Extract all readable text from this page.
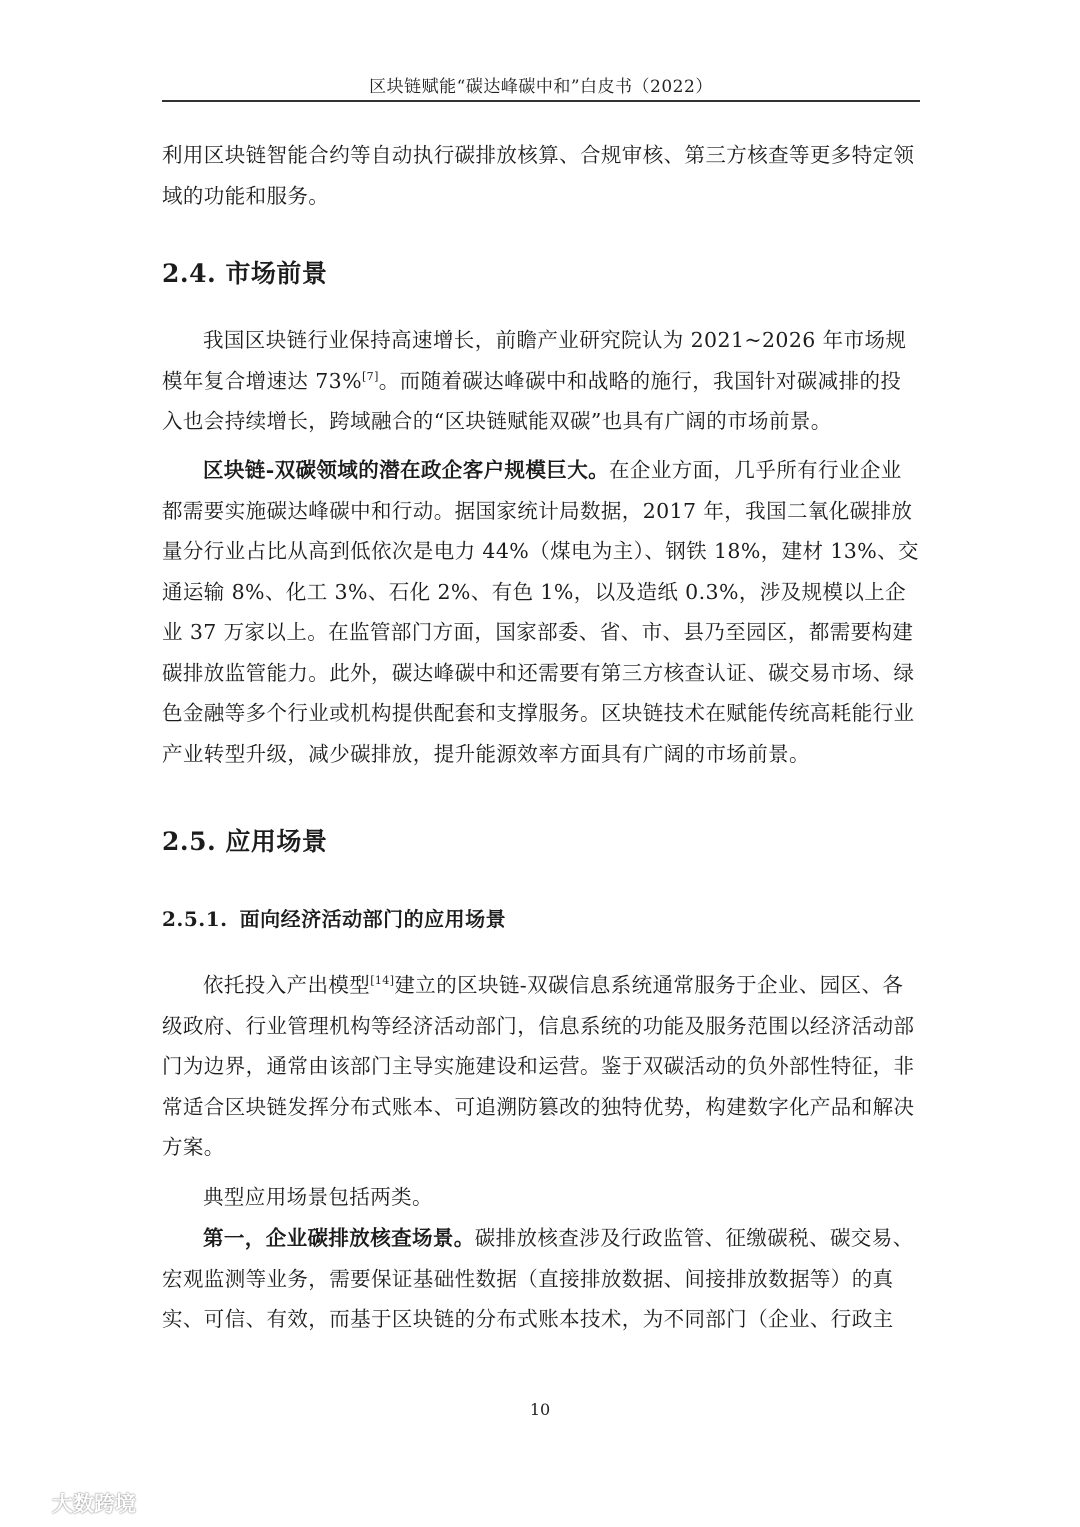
区块链赋能“碳达峰碳中和”白皮书（2022）

利用区块链智能合约等自动执行碳排放核算、合规审核、第三方核查等更多特定领域的功能和服务。

2.4. 市场前景

我国区块链行业保持高速增长，前瞻产业研究院认为 2021~2026 年市场规模年复合增速达 73%[7]。而随着碳达峰碳中和战略的施行，我国针对碳减排的投入也会持续增长，跨域融合的“区块链赋能双碳”也具有广阔的市场前景。

区块链-双碳领域的潜在政企客户规模巨大。在企业方面，几乎所有行业企业都需要实施碳达峰碳中和行动。据国家统计局数据，2017 年，我国二氧化碳排放量分行业占比从高到低依次是电力 44%（煤电为主）、钢铁 18%，建材 13%、交通运输 8%、化工 3%、石化 2%、有色 1%，以及造纸 0.3%，涉及规模以上企业 37 万家以上。在监管部门方面，国家部委、省、市、县乃至园区，都需要构建碳排放监管能力。此外，碳达峰碳中和还需要有第三方核查认证、碳交易市场、绿色金融等多个行业或机构提供配套和支撑服务。区块链技术在赋能传统高耗能行业产业转型升级，减少碳排放，提升能源效率方面具有广阔的市场前景。

2.5. 应用场景
2.5.1. 面向经济活动部门的应用场景

依托投入产出模型[14]建立的区块链-双碳信息系统通常服务于企业、园区、各级政府、行业管理机构等经济活动部门，信息系统的功能及服务范围以经济活动部门为边界，通常由该部门主导实施建设和运营。鉴于双碳活动的负外部性特征，非常适合区块链发挥分布式账本、可追溯防篡改的独特优势，构建数字化产品和解决方案。

典型应用场景包括两类。

第一，企业碳排放核查场景。碳排放核查涉及行政监管、征缴碳税、碳交易、宏观监测等业务，需要保证基础性数据（直接排放数据、间接排放数据等）的真实、可信、有效，而基于区块链的分布式账本技术，为不同部门（企业、行政主

10
大数跨境
